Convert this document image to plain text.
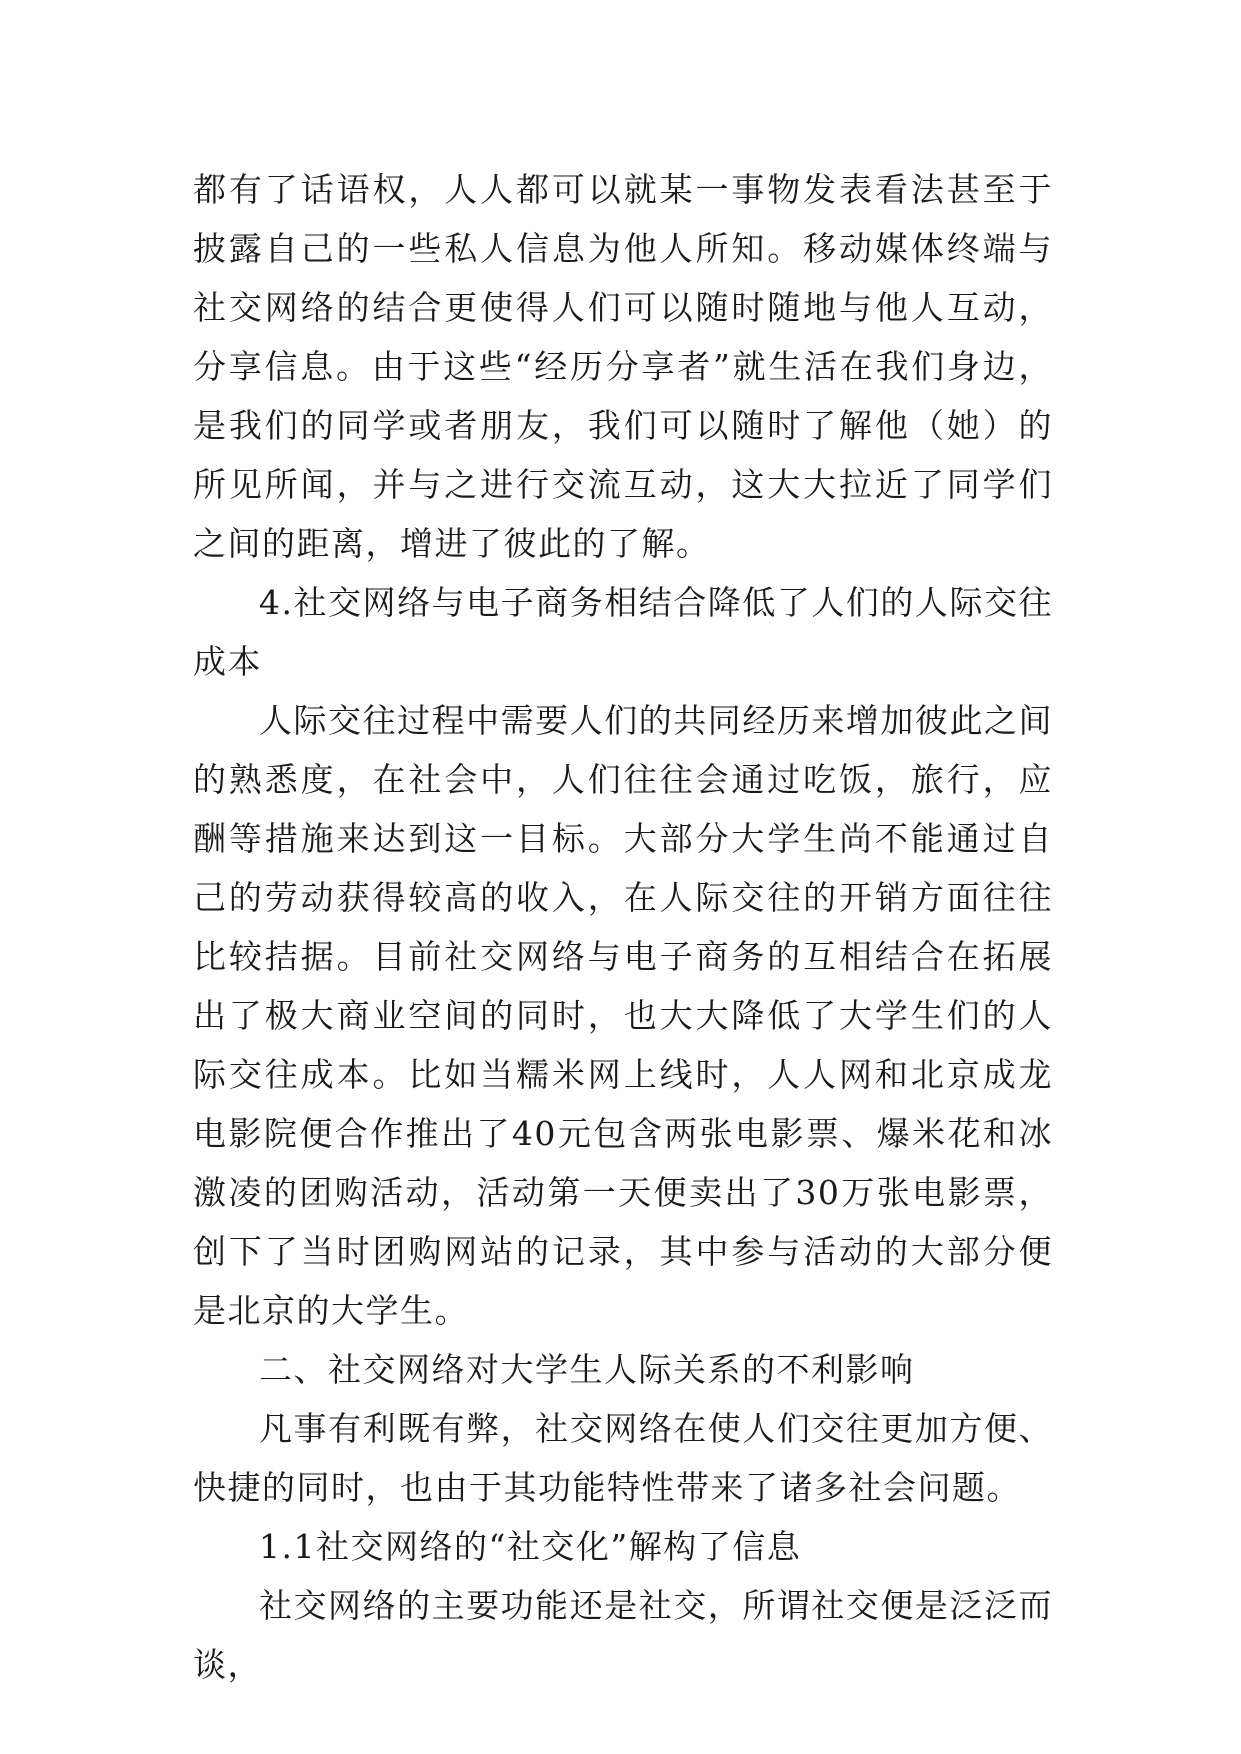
都有了话语权，人人都可以就某一事物发表看法甚至于披露自己的一些私人信息为他人所知。移动媒体终端与社交网络的结合更使得人们可以随时随地与他人互动，分享信息。由于这些“经历分享者”就生活在我们身边，是我们的同学或者朋友，我们可以随时了解他（她）的所见所闻，并与之进行交流互动，这大大拉近了同学们之间的距离，增进了彼此的了解。

4.社交网络与电子商务相结合降低了人们的人际交往成本

人际交往过程中需要人们的共同经历来增加彼此之间的熟悉度，在社会中，人们往往会通过吃饭，旅行，应酬等措施来达到这一目标。大部分大学生尚不能通过自己的劳动获得较高的收入，在人际交往的开销方面往往比较拮据。目前社交网络与电子商务的互相结合在拓展出了极大商业空间的同时，也大大降低了大学生们的人际交往成本。比如当糯米网上线时，人人网和北京成龙电影院便合作推出了40元包含两张电影票、爆米花和冰激凌的团购活动，活动第一天便卖出了30万张电影票，创下了当时团购网站的记录，其中参与活动的大部分便是北京的大学生。

二、社交网络对大学生人际关系的不利影响

凡事有利既有弊，社交网络在使人们交往更加方便、快捷的同时，也由于其功能特性带来了诸多社会问题。

1.1社交网络的“社交化”解构了信息

社交网络的主要功能还是社交，所谓社交便是泛泛而谈，
